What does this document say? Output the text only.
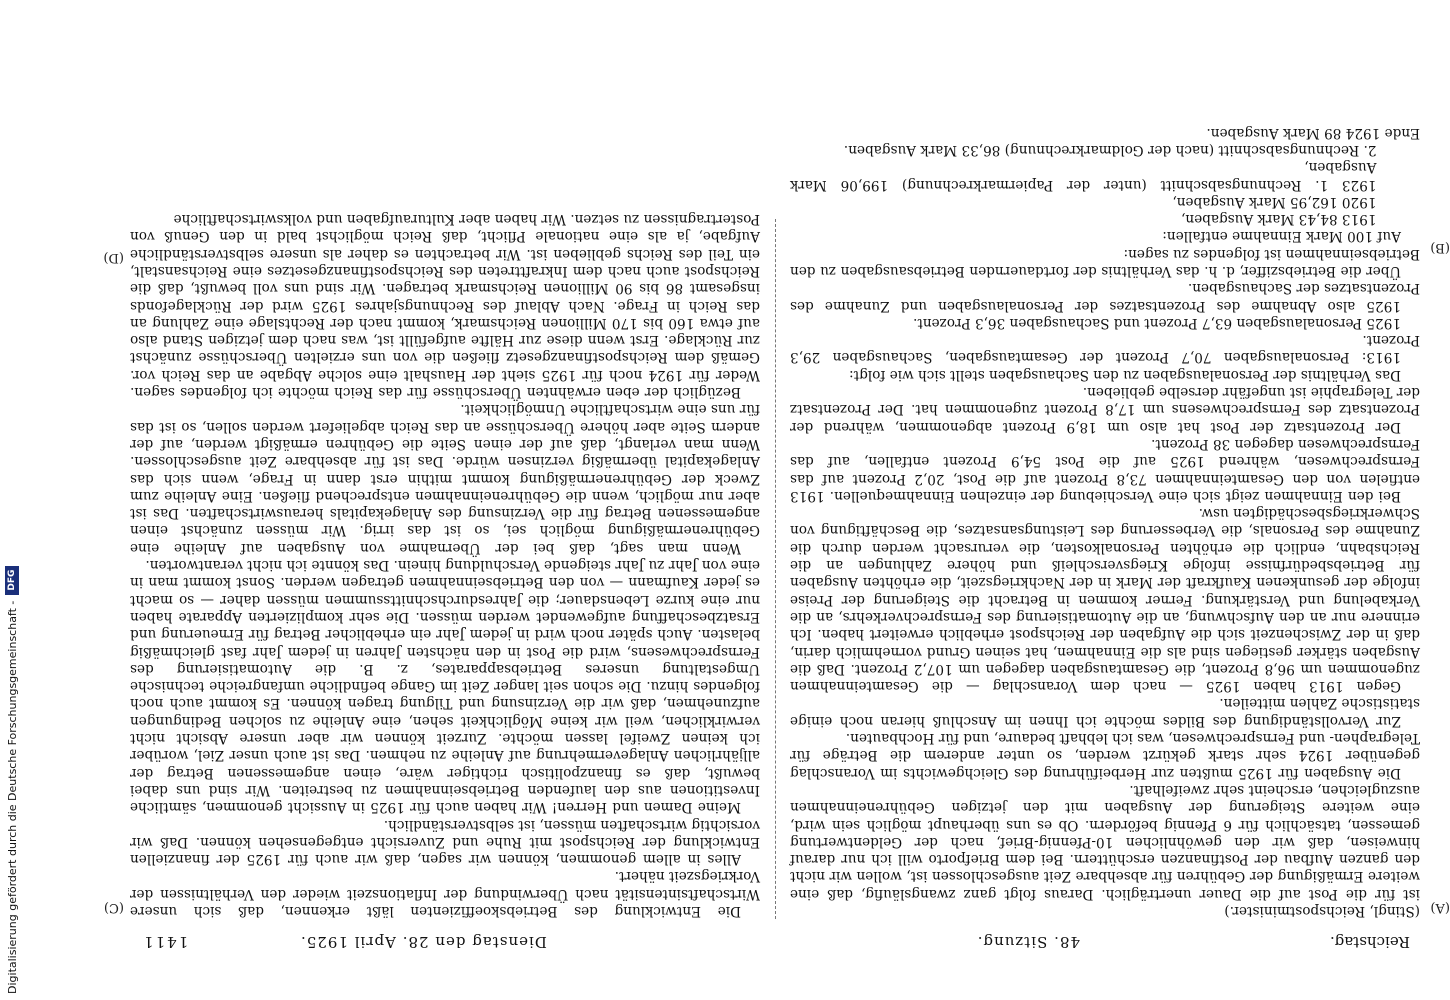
Digitalisierung gefördert durch die Deutsche Forschungsgemeinschaft -
DFG
Reichstag.
48. Sitzung.
Dienstag den 28. April 1925.
1411
(A)
(B)
(C)
(D)

(Stingl, Reichspostminister.)

ist für die Post auf die Dauer unerträglich. Daraus folgt ganz zwangsläufig, daß eine weitere Ermäßigung der Gebühren für absehbare Zeit ausgeschlossen ist, wollen wir nicht den ganzen Aufbau der Postfinanzen erschüttern. Bei dem Briefporto will ich nur darauf hinweisen, daß wir den gewöhnlichen 10-Pfennig-Brief, nach der Geldentwertung gemessen, tatsächlich für 6 Pfennig befördern. Ob es uns überhaupt möglich sein wird, eine weitere Steigerung der Ausgaben mit den jetzigen Gebühreneinnahmen auszugleichen, erscheint sehr zweifelhaft.

Die Ausgaben für 1925 mußten zur Herbeiführung des Gleichgewichts im Voranschlag gegenüber 1924 sehr stark gekürzt werden, so unter anderem die Beträge für Telegraphen- und Fernsprechwesen, was ich lebhaft bedaure, und für Hochbauten.

Zur Vervollständigung des Bildes möchte ich Ihnen im Anschluß hieran noch einige statistische Zahlen mitteilen.

Gegen 1913 haben 1925 — nach dem Voranschlag — die Gesamteinnahmen zugenommen um 96,8 Prozent, die Gesamtausgaben dagegen um 107,2 Prozent. Daß die Ausgaben stärker gestiegen sind als die Einnahmen, hat seinen Grund vornehmlich darin, daß in der Zwischenzeit sich die Aufgaben der Reichspost erheblich erweitert haben. Ich erinnere nur an den Aufschwung, an die Automatisierung des Fernsprechverkehrs, an die Verkabelung und Verstärkung. Ferner kommen in Betracht die Steigerung der Preise infolge der gesunkenen Kaufkraft der Mark in der Nachkriegszeit, die erhöhten Ausgaben für Betriebsbedürfnisse infolge Kriegsverschleiß und höhere Zahlungen an die Reichsbahn, endlich die erhöhten Personalkosten, die verursacht werden durch die Zunahme des Personals, die Verbesserung des Leistungsansatzes, die Beschäftigung von Schwerkriegsbeschädigten usw.

Bei den Einnahmen zeigt sich eine Verschiebung der einzelnen Einnahmequellen. 1913 entfielen von den Gesamteinnahmen 73,8 Prozent auf die Post, 20,2 Prozent auf das Fernsprechwesen, während 1925 auf die Post 54,9 Prozent entfallen, auf das Fernsprechwesen dagegen 38 Prozent.

Der Prozentsatz der Post hat also um 18,9 Prozent abgenommen, während der Prozentsatz des Fernsprechwesens um 17,8 Prozent zugenommen hat. Der Prozentsatz der Telegraphie ist ungefähr derselbe geblieben.

Das Verhältnis der Personalausgaben zu den Sachausgaben stellt sich wie folgt:

1913: Personalausgaben 70,7 Prozent der Gesamtausgaben, Sachausgaben 29,3 Prozent.

1925 Personalausgaben 63,7 Prozent und Sachausgaben 36,3 Prozent.

1925 also Abnahme des Prozentsatzes der Personalausgaben und Zunahme des Prozentsatzes der Sachausgaben.

Über die Betriebsziffer, d. h. das Verhältnis der fortdauernden Betriebsausgaben zu den Betriebseinnahmen ist folgendes zu sagen:

Auf 100 Mark Einnahme entfallen:

1913 84,43 Mark Ausgaben,

1920 162,95 Mark Ausgaben,

1923 1. Rechnungsabschnitt (unter der Papiermarkrechnung) 199,06 Mark Ausgaben,

2. Rechnungsabschnitt (nach der Goldmarkrechnung) 86,33 Mark Ausgaben.

Ende 1924 89 Mark Ausgaben.

Die Entwicklung des Betriebskoeffizienten läßt erkennen, daß sich unsere Wirtschaftsintensität nach Überwindung der Inflationszeit wieder den Verhältnissen der Vorkriegszeit nähert.

Alles in allem genommen, können wir sagen, daß wir auch für 1925 der finanziellen Entwicklung der Reichspost mit Ruhe und Zuversicht entgegensehen können. Daß wir vorsichtig wirtschaften müssen, ist selbstverständlich.

Meine Damen und Herren! Wir haben auch für 1925 in Aussicht genommen, sämtliche Investitionen aus den laufenden Betriebseinnahmen zu bestreiten. Wir sind uns dabei bewußt, daß es finanzpolitisch richtiger wäre, einen angemessenen Betrag der alljährlichen Anlagevermehrung auf Anleihe zu nehmen. Das ist auch unser Ziel, worüber ich keinen Zweifel lassen möchte. Zurzeit können wir aber unsere Absicht nicht verwirklichen, weil wir keine Möglichkeit sehen, eine Anleihe zu solchen Bedingungen aufzunehmen, daß wir die Verzinsung und Tilgung tragen können. Es kommt auch noch folgendes hinzu. Die schon seit langer Zeit im Gange befindliche umfangreiche technische Umgestaltung unseres Betriebsapparates, z. B. die Automatisierung des Fernsprechwesens, wird die Post in den nächsten Jahren in jedem Jahr fast gleichmäßig belasten. Auch später noch wird in jedem Jahr ein erheblicher Betrag für Erneuerung und Ersatzbeschaffung aufgewendet werden müssen. Die sehr komplizierten Apparate haben nur eine kurze Lebensdauer; die Jahresdurchschnittssummen müssen daher — so macht es jeder Kaufmann — von den Betriebseinnahmen getragen werden. Sonst kommt man in eine von Jahr zu Jahr steigende Verschuldung hinein. Das könnte ich nicht verantworten.

Wenn man sagt, daß bei der Übernahme von Ausgaben auf Anleihe eine Gebührenermäßigung möglich sei, so ist das irrig. Wir müssen zunächst einen angemessenen Betrag für die Verzinsung des Anlagekapitals herauswirtschaften. Das ist aber nur möglich, wenn die Gebühreneinnahmen entsprechend fließen. Eine Anleihe zum Zweck der Gebührenermäßigung kommt mithin erst dann in Frage, wenn sich das Anlagekapital übermäßig verzinsen würde. Das ist für absehbare Zeit ausgeschlossen. Wenn man verlangt, daß auf der einen Seite die Gebühren ermäßigt werden, auf der andern Seite aber höhere Überschüsse an das Reich abgeliefert werden sollen, so ist das für uns eine wirtschaftliche Unmöglichkeit.

Bezüglich der eben erwähnten Überschüsse für das Reich möchte ich folgendes sagen. Weder für 1924 noch für 1925 sieht der Haushalt eine solche Abgabe an das Reich vor. Gemäß dem Reichspostfinanzgesetz fließen die von uns erzielten Überschüsse zunächst zur Rücklage. Erst wenn diese zur Hälfte aufgefüllt ist, was nach dem jetzigen Stand also auf etwa 160 bis 170 Millionen Reichsmark, kommt nach der Rechtslage eine Zahlung an das Reich in Frage. Nach Ablauf des Rechnungsjahres 1925 wird der Rücklagefonds insgesamt 86 bis 90 Millionen Reichsmark betragen. Wir sind uns voll bewußt, daß die Reichspost auch nach dem Inkrafttreten des Reichspostfinanzgesetzes eine Reichsanstalt, ein Teil des Reichs geblieben ist. Wir betrachten es daher als unsere selbstverständliche Aufgabe, ja als eine nationale Pflicht, daß Reich möglichst bald in den Genuß von Postertragnissen zu setzen. Wir haben aber Kulturaufgaben und volkswirtschaftliche
